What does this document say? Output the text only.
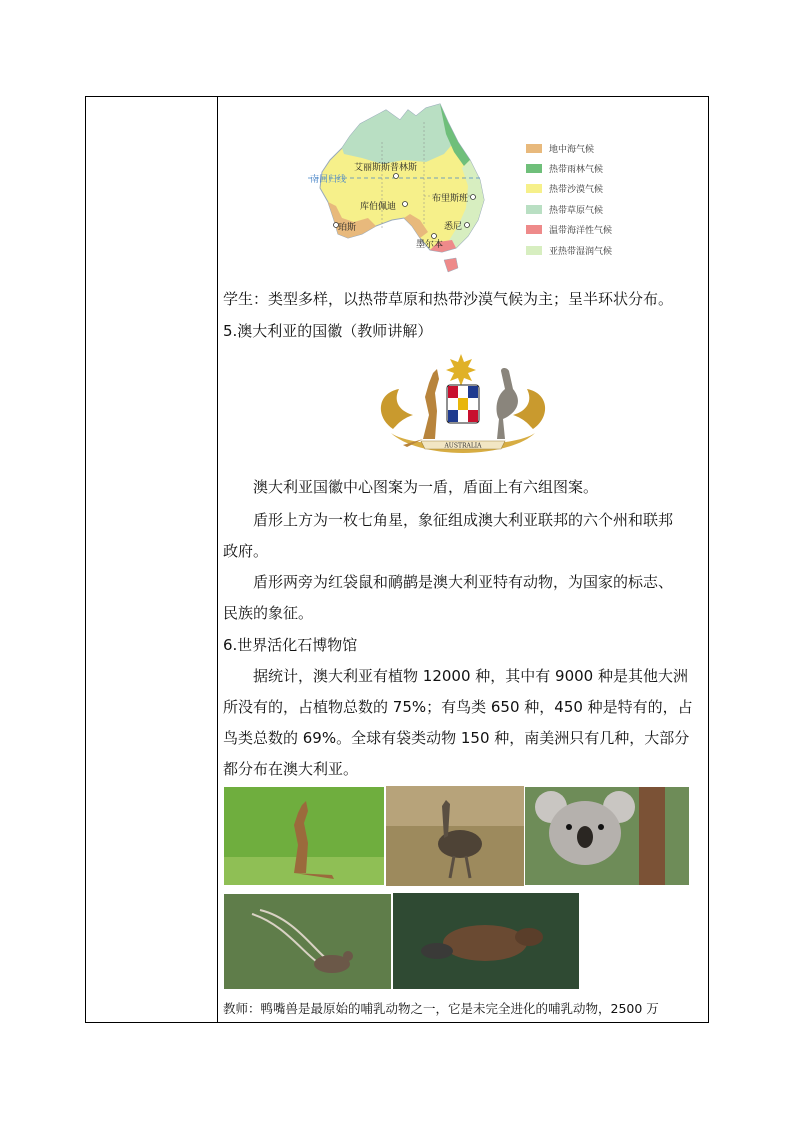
艾丽斯斯普林斯
南回归线
布里斯班
库伯佩迪
珀斯	悉尼
墨尔本
地中海气候
热带雨林气候
热带沙漠气候
热带草原气候
温带海洋性气候
亚热带湿润气候
学生：类型多样，以热带草原和热带沙漠气候为主；呈半环状分布。
5.澳大利亚的国徽（教师讲解）
AUSTRALIA
澳大利亚国徽中心图案为一盾，盾面上有六组图案。
盾形上方为一枚七角星，象征组成澳大利亚联邦的六个州和联邦
政府。
盾形两旁为红袋鼠和鸸鹋是澳大利亚特有动物，为国家的标志、
民族的象征。
6.世界活化石博物馆
据统计，澳大利亚有植物 12000 种，其中有 9000 种是其他大洲
所没有的，占植物总数的 75%；有鸟类 650 种，450 种是特有的，占
鸟类总数的 69%。全球有袋类动物 150 种，南美洲只有几种，大部分
都分布在澳大利亚。
教师：鸭嘴兽是最原始的哺乳动物之一，它是未完全进化的哺乳动物，2500 万
